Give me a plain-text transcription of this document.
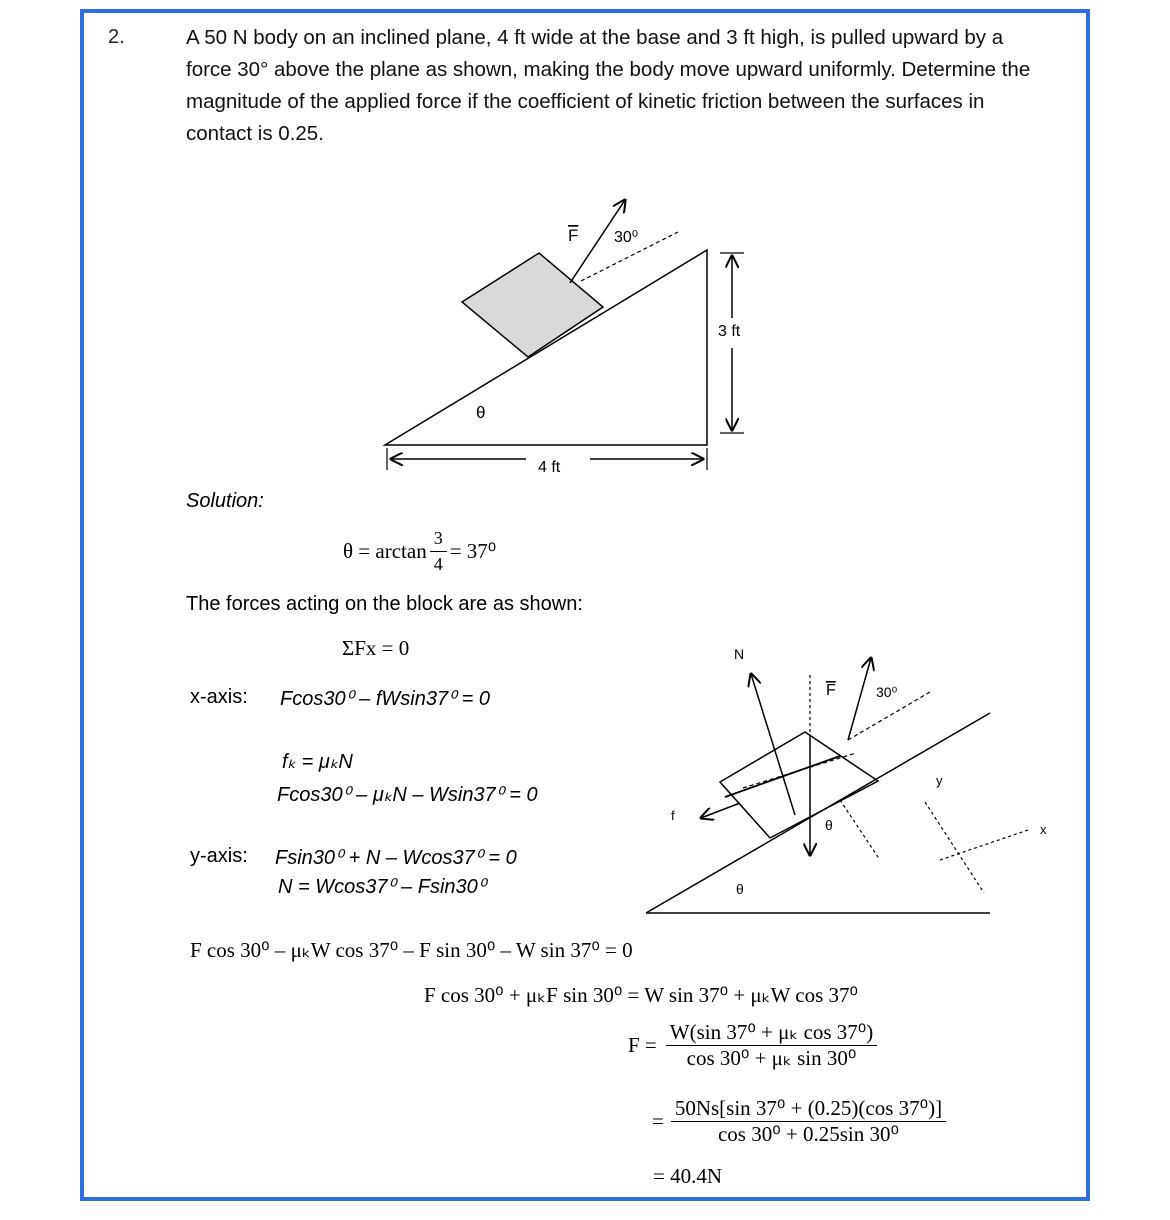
2.	A 50 N body on an inclined plane, 4 ft wide at the base and 3 ft high, is pulled upward by a force 30° above the plane as shown, making the body move upward uniformly. Determine the magnitude of the applied force if the coefficient of kinetic friction between the surfaces in contact is 0.25.
F 30⁰
θ
3 ft
4 ft
N
F	30⁰
y
x
f
θ
θ
Solution:
$\theta = \arctan \frac{3}{4} = 37^0$
The forces acting on the block are as shown:
ΣFx = 0
x-axis: Fcos30⁰ – fWsin37⁰ = 0
fₖ = μₖN
Fcos30⁰ – μₖN – Wsin37⁰ = 0
y-axis: Fsin30⁰ + N – Wcos37⁰ = 0
N = Wcos37⁰ – Fsin30⁰
F cos 30⁰ – μₖW cos 37⁰ – F sin 30⁰ – W sin 37⁰ = 0
F cos 30⁰ + μₖF sin 30⁰ = W sin 37⁰ + μₖW cos 37⁰
$F = \frac{\text{W(sin 37⁰ + μₖ cos 37⁰)}}{\text{cos 30⁰ + μₖ sin 30⁰}}$
= $\frac{\text{50Ns[sin 37⁰ + (0.25)(cos 37⁰)]}}{\text{cos 30⁰ + 0.25sin 30⁰}}$
= 40.4N
